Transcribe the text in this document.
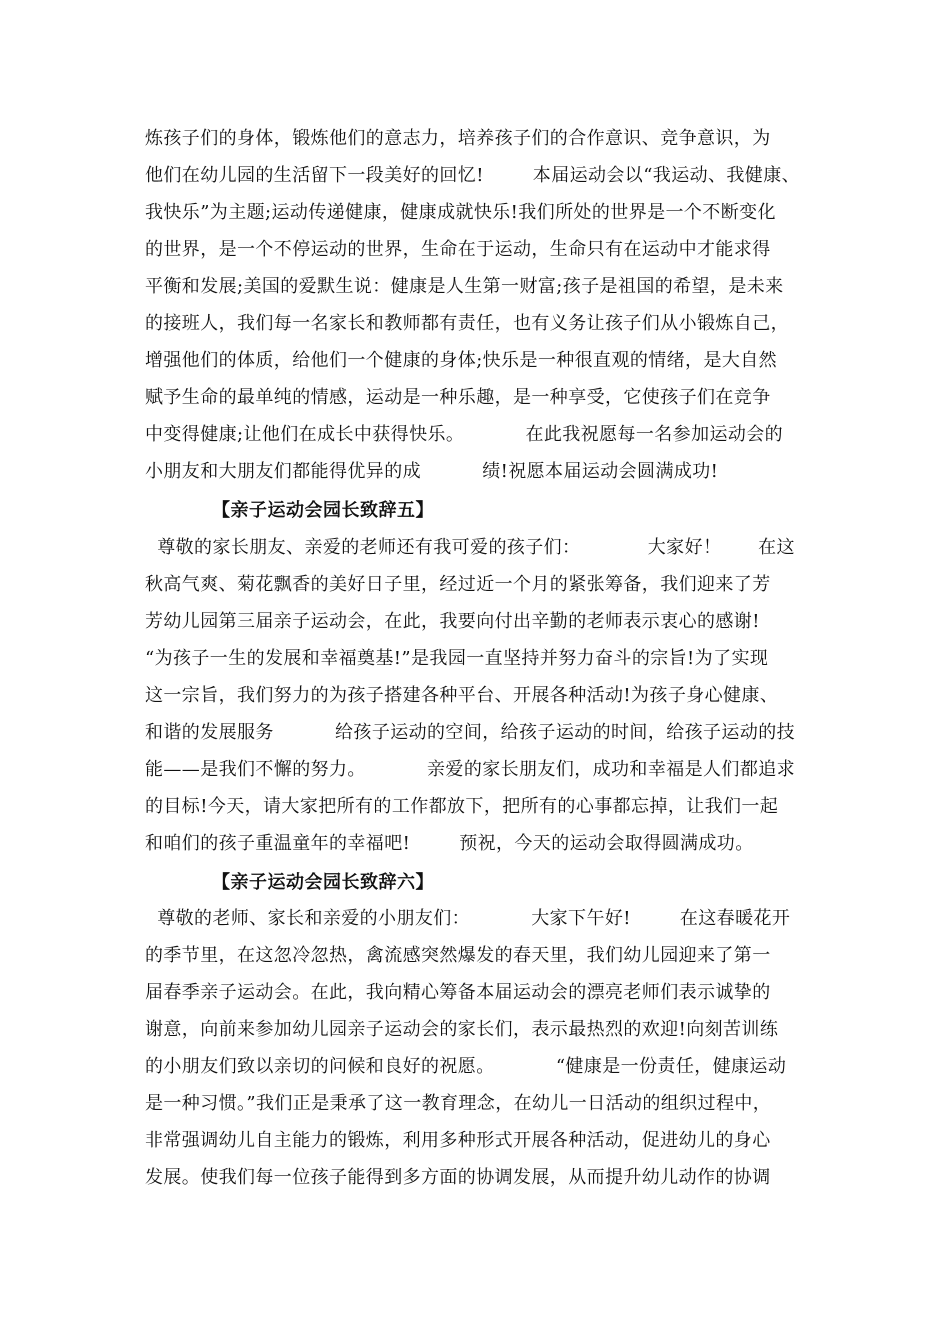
炼孩子们的身体，锻炼他们的意志力，培养孩子们的合作意识、竞争意识，为
他们在幼儿园的生活留下一段美好的回忆!        本届运动会以“我运动、我健康、
我快乐”为主题;运动传递健康，健康成就快乐!我们所处的世界是一个不断变化
的世界，是一个不停运动的世界，生命在于运动，生命只有在运动中才能求得
平衡和发展;美国的爱默生说：健康是人生第一财富;孩子是祖国的希望，是未来
的接班人，我们每一名家长和教师都有责任，也有义务让孩子们从小锻炼自己，
增强他们的体质，给他们一个健康的身体;快乐是一种很直观的情绪，是大自然
赋予生命的最单纯的情感，运动是一种乐趣，是一种享受，它使孩子们在竞争
中变得健康;让他们在成长中获得快乐。          在此我祝愿每一名参加运动会的
小朋友和大朋友们都能得优异的成          绩!祝愿本届运动会圆满成功!
【亲子运动会园长致辞五】
尊敬的家长朋友、亲爱的老师还有我可爱的孩子们：           大家好！      在这
秋高气爽、菊花飘香的美好日子里，经过近一个月的紧张筹备，我们迎来了芳
芳幼儿园第三届亲子运动会，在此，我要向付出辛勤的老师表示衷心的感谢!
“为孩子一生的发展和幸福奠基!”是我园一直坚持并努力奋斗的宗旨!为了实现
这一宗旨，我们努力的为孩子搭建各种平台、开展各种活动!为孩子身心健康、
和谐的发展服务          给孩子运动的空间，给孩子运动的时间，给孩子运动的技
能——是我们不懈的努力。          亲爱的家长朋友们，成功和幸福是人们都追求
的目标!今天，请大家把所有的工作都放下，把所有的心事都忘掉，让我们一起
和咱们的孩子重温童年的幸福吧!        预祝，今天的运动会取得圆满成功。
【亲子运动会园长致辞六】
尊敬的老师、家长和亲爱的小朋友们：          大家下午好!        在这春暖花开
的季节里，在这忽冷忽热，禽流感突然爆发的春天里，我们幼儿园迎来了第一
届春季亲子运动会。在此，我向精心筹备本届运动会的漂亮老师们表示诚挚的
谢意，向前来参加幼儿园亲子运动会的家长们，表示最热烈的欢迎!向刻苦训练
的小朋友们致以亲切的问候和良好的祝愿。          “健康是一份责任，健康运动
是一种习惯。”我们正是秉承了这一教育理念，在幼儿一日活动的组织过程中，
非常强调幼儿自主能力的锻炼，利用多种形式开展各种活动，促进幼儿的身心
发展。使我们每一位孩子能得到多方面的协调发展，从而提升幼儿动作的协调
